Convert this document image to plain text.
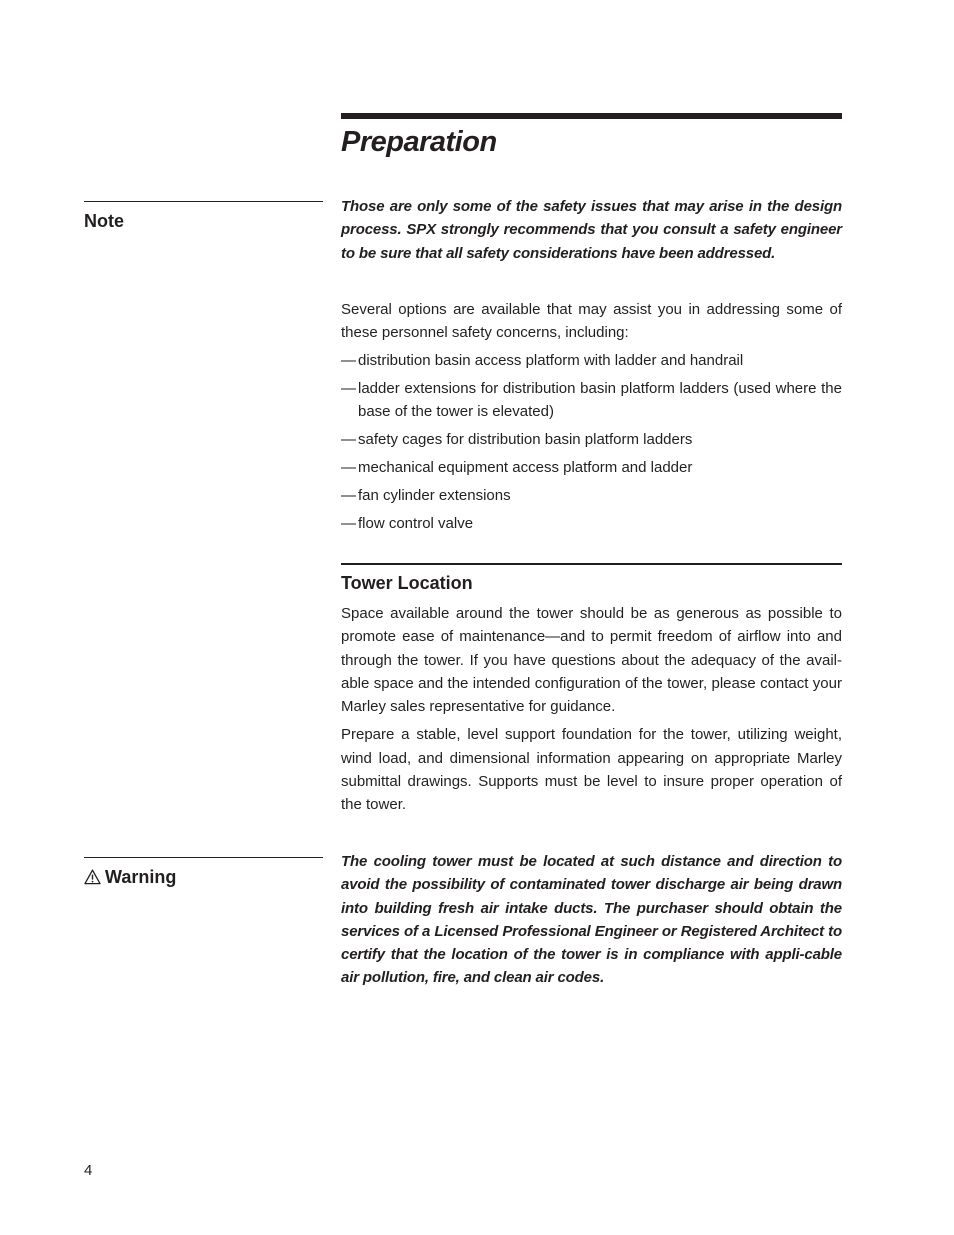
Preparation
Note
Those are only some of the safety issues that may arise in the design process. SPX strongly recommends that you consult a safety engineer to be sure that all safety considerations have been addressed.

Several options are available that may assist you in addressing some of these personnel safety concerns, including:

— distribution basin access platform with ladder and handrail
— ladder extensions for distribution basin platform ladders (used where the base of the tower is elevated)
— safety cages for distribution basin platform ladders
— mechanical equipment access platform and ladder
— fan cylinder extensions
— flow control valve
Tower Location

Space available around the tower should be as generous as possible to promote ease of maintenance—and to permit freedom of airflow into and through the tower. If you have questions about the adequacy of the avail-able space and the intended configuration of the tower, please contact your Marley sales representative for guidance.

Prepare a stable, level support foundation for the tower, utilizing weight, wind load, and dimensional information appearing on appropriate Marley submittal drawings. Supports must be level to insure proper operation of the tower.

Warning
The cooling tower must be located at such distance and direction to avoid the possibility of contaminated tower discharge air being drawn into building fresh air intake ducts. The purchaser should obtain the services of a Licensed Professional Engineer or Registered Architect to certify that the location of the tower is in compliance with appli-cable air pollution, fire, and clean air codes.
4
